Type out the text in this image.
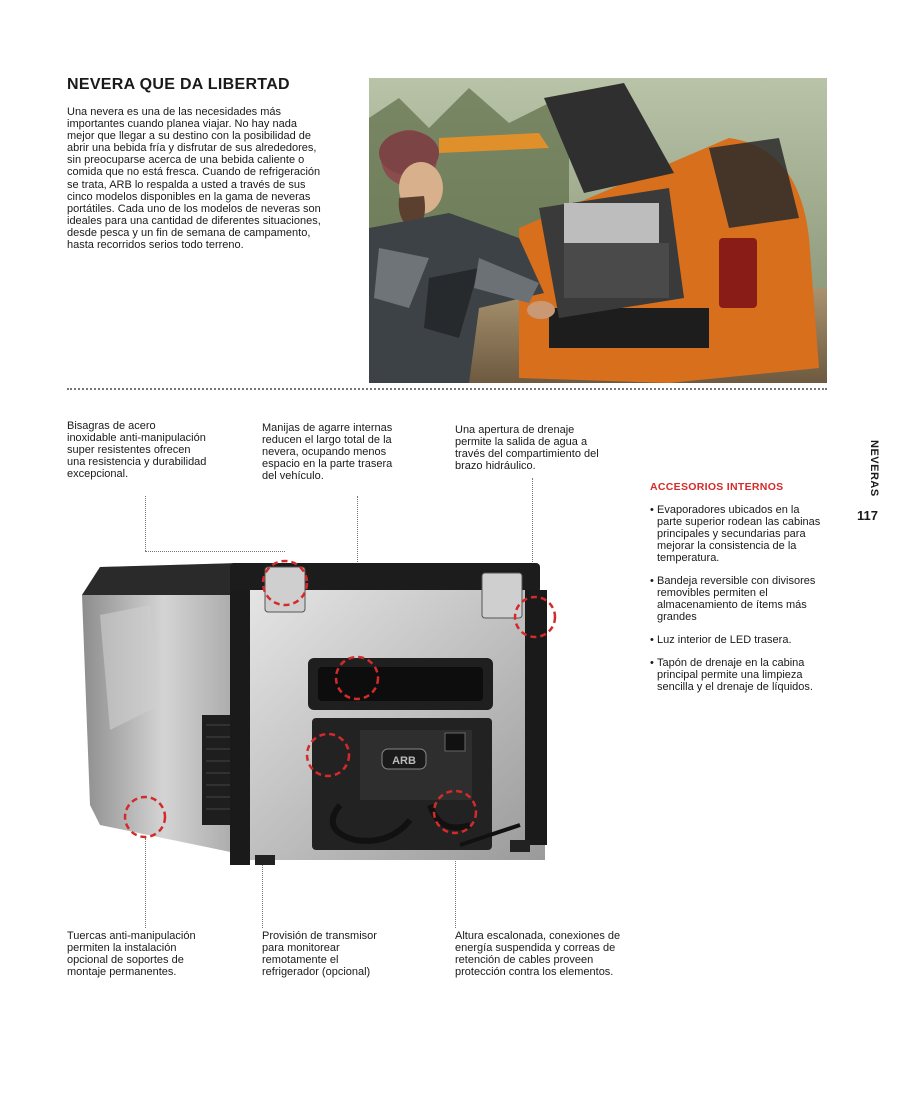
NEVERA QUE DA LIBERTAD

Una nevera es una de las necesidades más importantes cuando planea viajar. No hay nada mejor que llegar a su destino con la posibilidad de abrir una bebida fría y disfrutar de sus alrededores, sin preocuparse acerca de una bebida caliente o comida que no está fresca. Cuando de refrigeración se trata, ARB lo respalda a usted a través de sus cinco modelos disponibles en la gama de neveras portátiles. Cada uno de los modelos de neveras son ideales para una cantidad de diferentes situaciones, desde pesca y un fin de semana de campamento, hasta recorridos serios todo terreno.

Bisagras de acero inoxidable anti-manipulación super resistentes ofrecen una resistencia y durabilidad excepcional.

Manijas de agarre internas reducen el largo total de la nevera, ocupando menos espacio en la parte trasera del vehículo.

Una apertura de drenaje permite la salida de agua a través del compartimiento del brazo hidráulico.

ARB

Tuercas anti-manipulación permiten la instalación opcional de soportes de montaje permanentes.

Provisión de transmisor para monitorear remotamente el refrigerador (opcional)

Altura escalonada, conexiones de energía suspendida y correas de retención de cables proveen protección contra los elementos.

NEVERAS
117
ACCESORIOS INTERNOS
• Evaporadores ubicados en la parte superior rodean las cabinas principales y secundarias para mejorar la consistencia de la temperatura.
• Bandeja reversible con divisores removibles permiten el almacenamiento de ítems más grandes
• Luz interior de LED trasera.
• Tapón de drenaje en la cabina principal permite una limpieza sencilla y el drenaje de líquidos.
